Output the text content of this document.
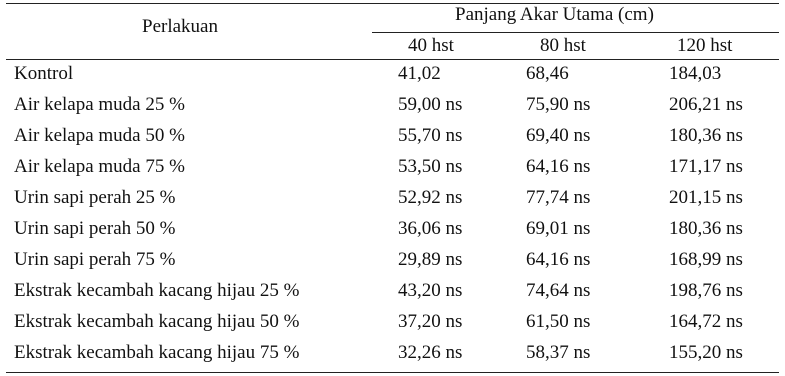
Perlakuan
Panjang Akar Utama (cm)
40 hst	80 hst	120 hst
Kontrol	41,02	68,46	184,03
Air kelapa muda 25 %	59,00 ns	75,90 ns	206,21 ns
Air kelapa muda 50 %	55,70 ns	69,40 ns	180,36 ns
Air kelapa muda 75 %	53,50 ns	64,16 ns	171,17 ns
Urin sapi perah 25 %	52,92 ns	77,74 ns	201,15 ns
Urin sapi perah 50 %	36,06 ns	69,01 ns	180,36 ns
Urin sapi perah 75 %	29,89 ns	64,16 ns	168,99 ns
Ekstrak kecambah kacang hijau 25 %	43,20 ns	74,64 ns	198,76 ns
Ekstrak kecambah kacang hijau 50 %	37,20 ns	61,50 ns	164,72 ns
Ekstrak kecambah kacang hijau 75 %	32,26 ns	58,37 ns	155,20 ns
